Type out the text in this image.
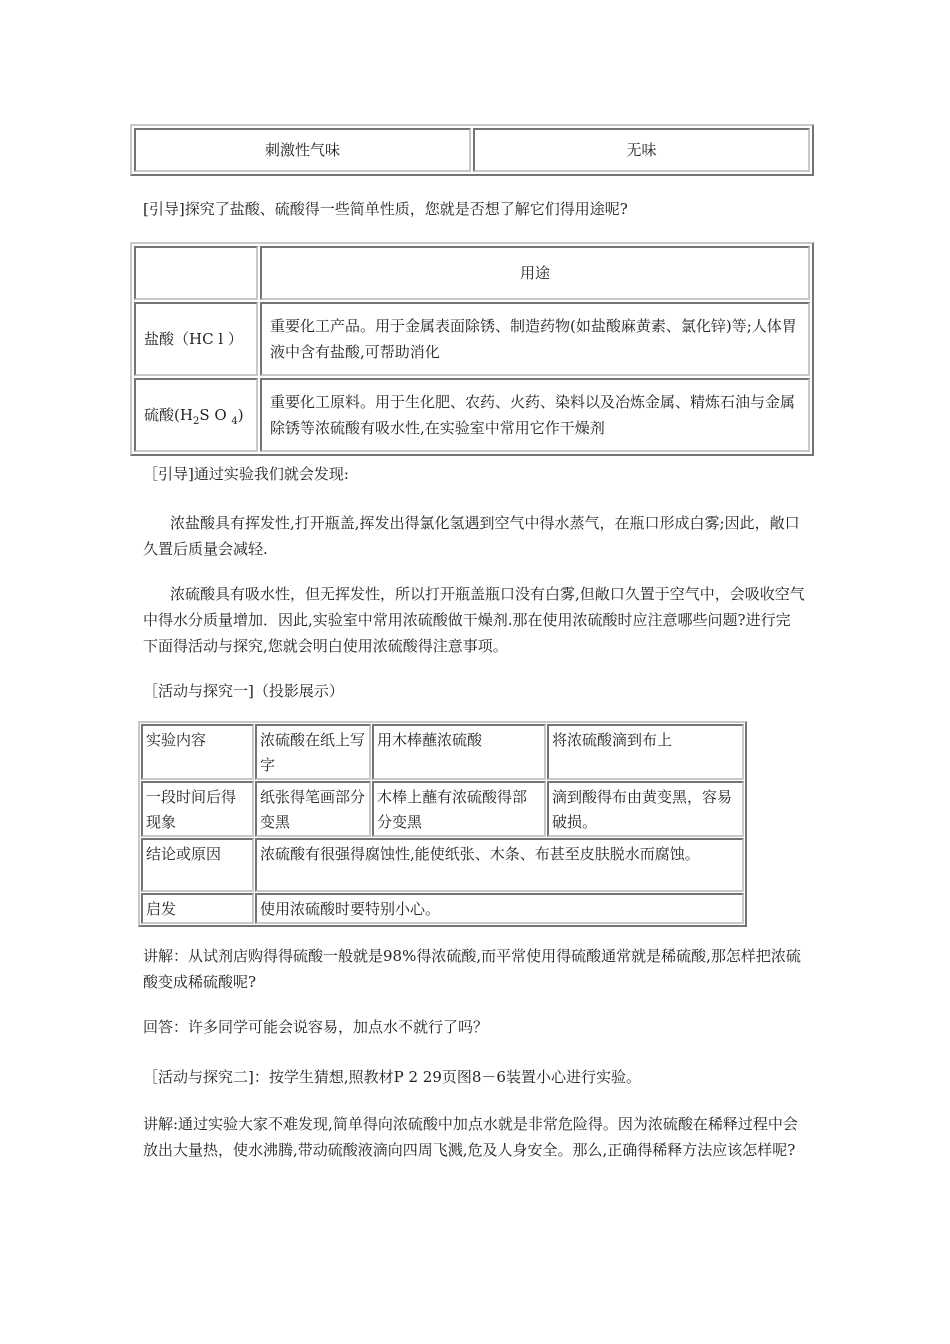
刺激性气味	无味

[引导]探究了盐酸、硫酸得一些简单性质，您就是否想了解它们得用途呢?

	用途
盐酸（HC l ）	重要化工产品。用于金属表面除锈、制造药物(如盐酸麻黄素、氯化锌)等;人体胃液中含有盐酸,可帮助消化
硫酸($H_2S$ O $_4$)	重要化工原料。用于生化肥、农药、火药、染料以及冶炼金属、精炼石油与金属除锈等浓硫酸有吸水性,在实验室中常用它作干燥剂

［引导]通过实验我们就会发现:

浓盐酸具有挥发性,打开瓶盖,挥发出得氯化氢遇到空气中得水蒸气，在瓶口形成白雾;因此，敞口久置后质量会减轻.

浓硫酸具有吸水性，但无挥发性，所以打开瓶盖瓶口没有白雾,但敞口久置于空气中，会吸收空气中得水分质量增加．因此,实验室中常用浓硫酸做干燥剂.那在使用浓硫酸时应注意哪些问题?进行完下面得活动与探究,您就会明白使用浓硫酸得注意事项。

［活动与探究一]（投影展示）

实验内容	浓硫酸在纸上写字	用木棒蘸浓硫酸	将浓硫酸滴到布上
一段时间后得现象	纸张得笔画部分变黑	木棒上蘸有浓硫酸得部分变黑	滴到酸得布由黄变黑，容易破损。
结论或原因	浓硫酸有很强得腐蚀性,能使纸张、木条、布甚至皮肤脱水而腐蚀。		
启发	使用浓硫酸时要特别小心。		

讲解：从试剂店购得得硫酸一般就是98%得浓硫酸,而平常使用得硫酸通常就是稀硫酸,那怎样把浓硫酸变成稀硫酸呢?

回答：许多同学可能会说容易，加点水不就行了吗？

［活动与探究二]：按学生猜想,照教材P 2 29页图8－6装置小心进行实验。

讲解:通过实验大家不难发现,简单得向浓硫酸中加点水就是非常危险得。因为浓硫酸在稀释过程中会放出大量热，使水沸腾,带动硫酸液滴向四周飞溅,危及人身安全。那么,正确得稀释方法应该怎样呢?
